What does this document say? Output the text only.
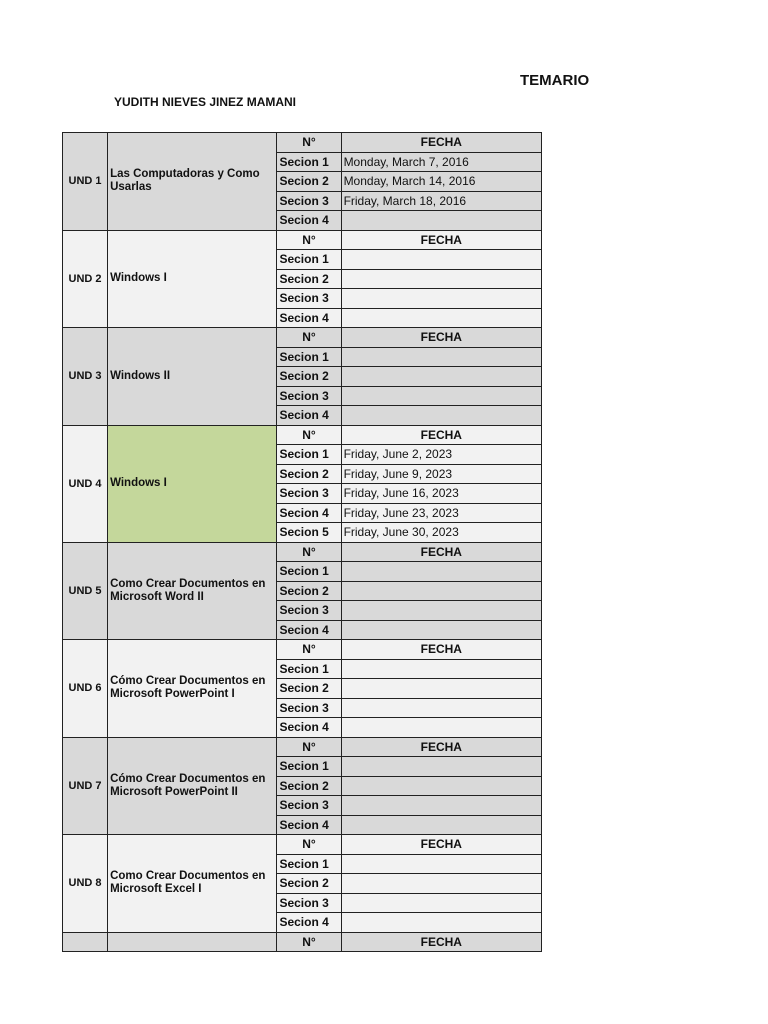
TEMARIO
YUDITH NIEVES JINEZ MAMANI
UND 1	Las Computadoras y Como Usarlas	N°	FECHA
		Secion 1	Monday, March 7, 2016
		Secion 2	Monday, March 14, 2016
		Secion 3	Friday, March 18, 2016
		Secion 4	
UND 2	Windows I	N°	FECHA
		Secion 1	
		Secion 2	
		Secion 3	
		Secion 4	
UND 3	Windows II	N°	FECHA
		Secion 1	
		Secion 2	
		Secion 3	
		Secion 4	
UND 4	Windows I	N°	FECHA
		Secion 1	Friday, June 2, 2023
		Secion 2	Friday, June 9, 2023
		Secion 3	Friday, June 16, 2023
		Secion 4	Friday, June 23, 2023
		Secion 5	Friday, June 30, 2023
UND 5	Como Crear Documentos en Microsoft Word II	N°	FECHA
		Secion 1	
		Secion 2	
		Secion 3	
		Secion 4	
UND 6	Cómo Crear Documentos en Microsoft PowerPoint I	N°	FECHA
		Secion 1	
		Secion 2	
		Secion 3	
		Secion 4	
UND 7	Cómo Crear Documentos en Microsoft PowerPoint II	N°	FECHA
		Secion 1	
		Secion 2	
		Secion 3	
		Secion 4	
UND 8	Como Crear Documentos en Microsoft Excel I	N°	FECHA
		Secion 1	
		Secion 2	
		Secion 3	
		Secion 4	
		N°	FECHA
